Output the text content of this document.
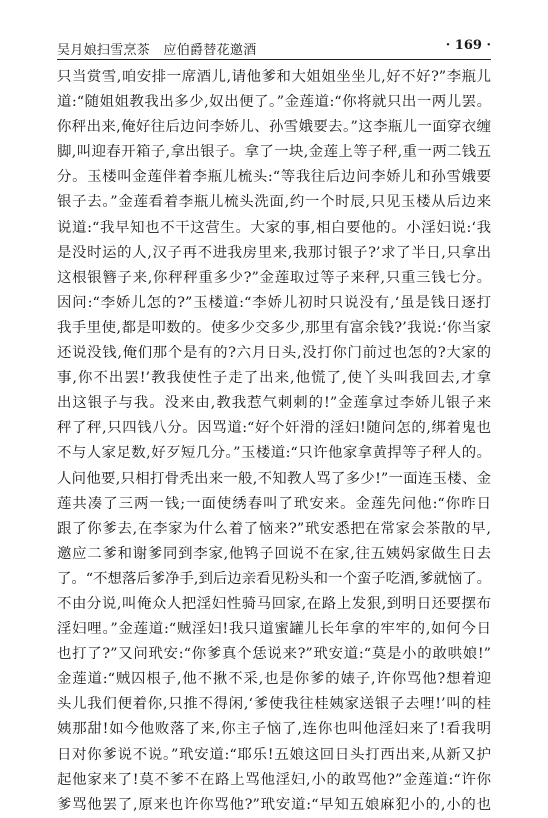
吴月娘扫雪烹茶　应伯爵替花邀酒	· 169 ·
只当赏雪,咱安排一席酒儿,请他爹和大姐姐坐坐儿,好不好?”李瓶儿
道:“随姐姐教我出多少,奴出便了。”金莲道:“你将就只出一两儿罢。
你秤出来,俺好往后边问李娇儿、孙雪娥要去。”这李瓶儿一面穿衣缠
脚,叫迎春开箱子,拿出银子。拿了一块,金莲上等子秤,重一两二钱五
分。玉楼叫金莲伴着李瓶儿梳头:“等我往后边问李娇儿和孙雪娥要
银子去。”金莲看着李瓶儿梳头洗面,约一个时辰,只见玉楼从后边来
说道:“我早知也不干这营生。大家的事,相白要他的。小淫妇说:‘我
是没时运的人,汉子再不进我房里来,我那讨银子?’求了半日,只拿出
这根银簪子来,你秤秤重多少?”金莲取过等子来秤,只重三钱七分。
因问:“李娇儿怎的?”玉楼道:“李娇儿初时只说没有,‘虽是钱日逐打
我手里使,都是叩数的。使多少交多少,那里有富余钱?’我说:‘你当家
还说没钱,俺们那个是有的?六月日头,没打你门前过也怎的?大家的
事,你不出罢!’教我使性子走了出来,他慌了,使丫头叫我回去,才拿
出这银子与我。没来由,教我惹气刺刺的!”金莲拿过李娇儿银子来
秤了秤,只四钱八分。因骂道:“好个奸滑的淫妇!随问怎的,绑着鬼也
不与人家足数,好歹短几分。”玉楼道:“只许他家拿黄捍等子秤人的。
人问他要,只相打骨秃出来一般,不知教人骂了多少!”一面连玉楼、金
莲共凑了三两一钱;一面使绣春叫了玳安来。金莲先问他:“你昨日
跟了你爹去,在李家为什么着了恼来?”玳安悉把在常家会茶散的早,
邀应二爹和谢爹同到李家,他鸨子回说不在家,往五姨妈家做生日去
了。“不想落后爹净手,到后边亲看见粉头和一个蛮子吃酒,爹就恼了。
不由分说,叫俺众人把淫妇性骑马回家,在路上发狠,到明日还要摆布
淫妇哩。”金莲道:“贼淫妇!我只道蜜罐儿长年拿的牢牢的,如何今日
也打了?”又问玳安:“你爹真个恁说来?”玳安道:“莫是小的敢哄娘!”
金莲道:“贼囚根子,他不揪不采,也是你爹的婊子,许你骂他?想着迎
头儿我们便着你,只推不得闲,‘爹使我往桂姨家送银子去哩!’叫的桂
姨那甜!如今他败落了来,你主子恼了,连你也叫他淫妇来了!看我明
日对你爹说不说。”玳安道:“耶乐!五娘这回日头打西出来,从新又护
起他家来了!莫不爹不在路上骂他淫妇,小的敢骂他?”金莲道:“许你
爹骂他罢了,原来也许你骂他?”玳安道:“早知五娘麻犯小的,小的也
